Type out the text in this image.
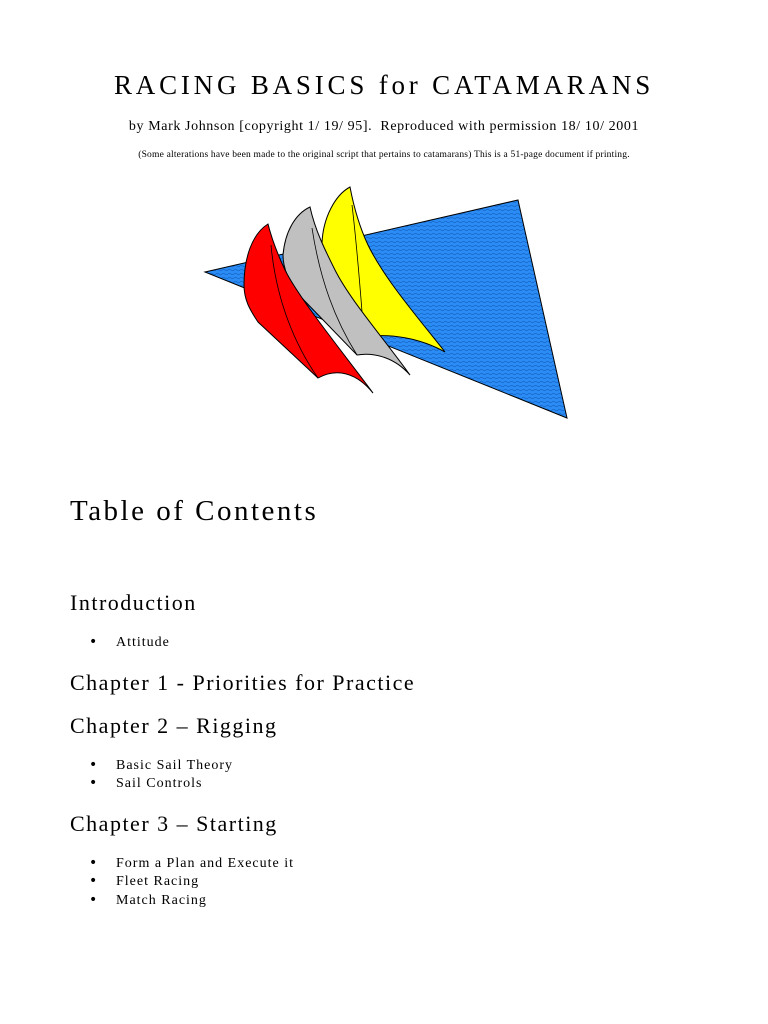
RACING BASICS for CATAMARANS
by Mark Johnson [copyright 1/ 19/ 95].  Reproduced with permission 18/ 10/ 2001
(Some alterations have been made to the original script that pertains to catamarans) This is a 51-page document if printing.
Table of Contents
Introduction
•
Attitude
Chapter 1 - Priorities for Practice
Chapter 2 – Rigging
•
Basic Sail Theory
•
Sail Controls
Chapter 3 – Starting
•
Form a Plan and Execute it
•
Fleet Racing
•
Match Racing
